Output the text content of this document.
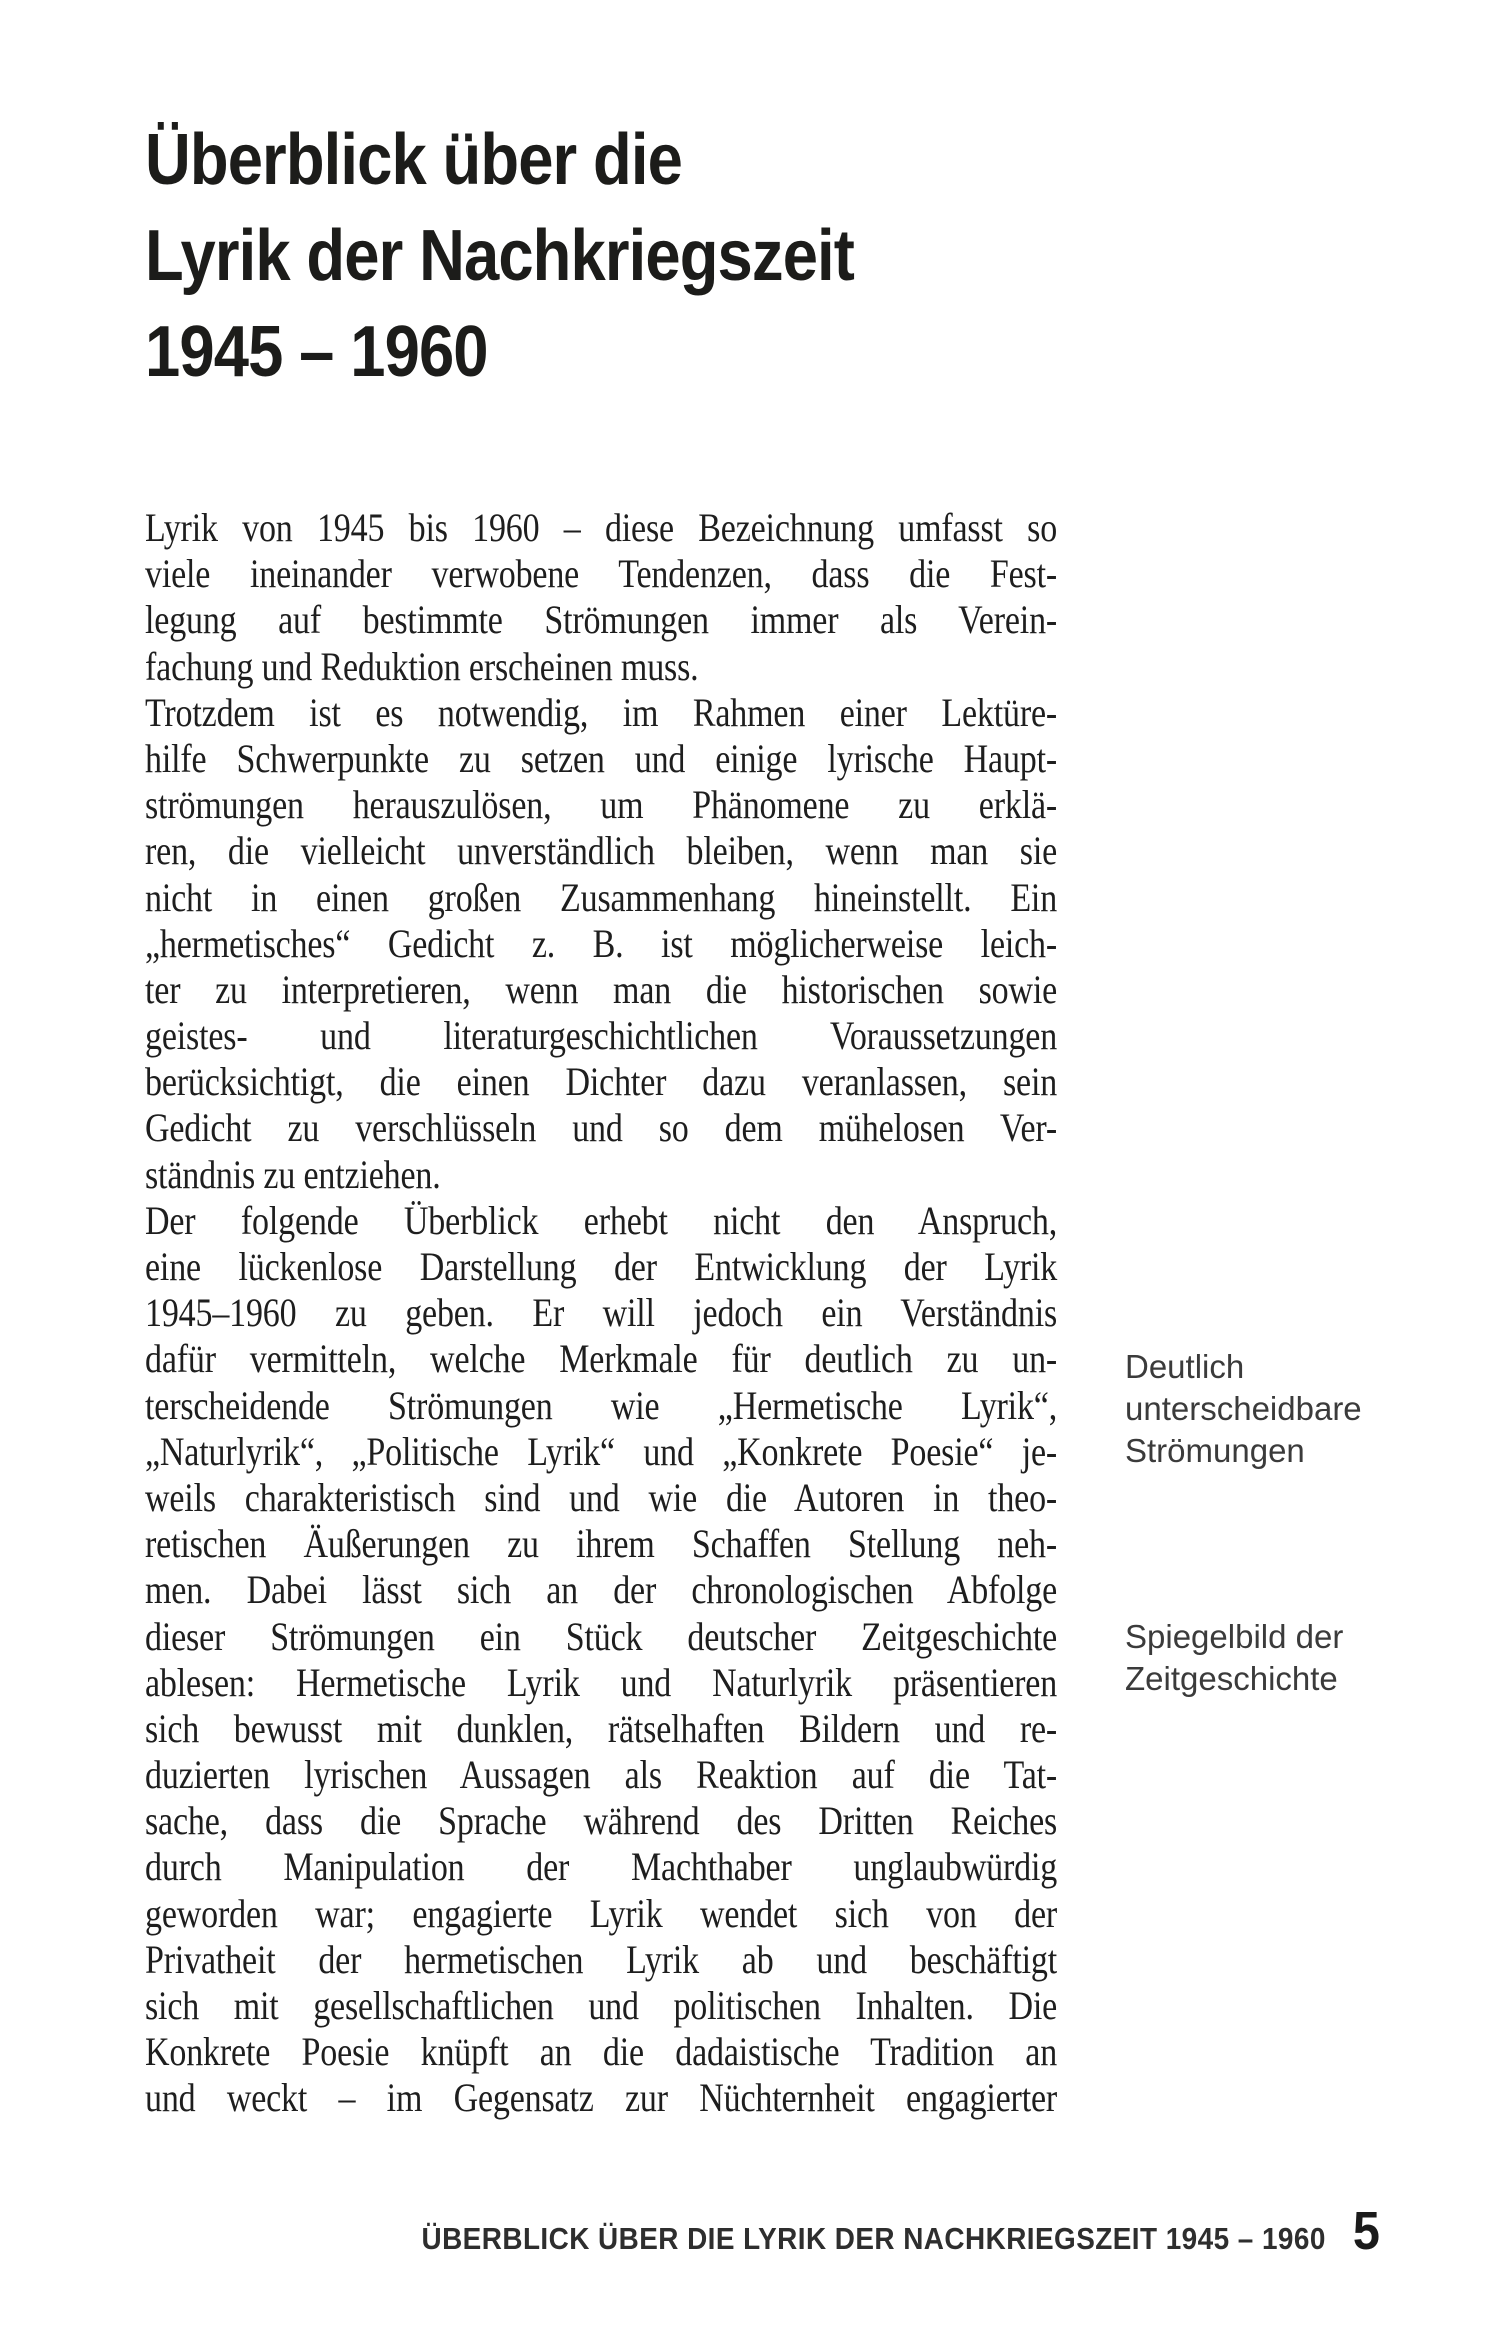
Überblick über die
Lyrik der Nachkriegszeit
1945 – 1960
Lyrik von 1945 bis 1960 – diese Bezeichnung umfasst so
viele ineinander verwobene Tendenzen, dass die Fest-
legung auf bestimmte Strömungen immer als Verein-
fachung und Reduktion erscheinen muss.
Trotzdem ist es notwendig, im Rahmen einer Lektüre-
hilfe Schwerpunkte zu setzen und einige lyrische Haupt-
strömungen herauszulösen, um Phänomene zu erklä-
ren, die vielleicht unverständlich bleiben, wenn man sie
nicht in einen großen Zusammenhang hineinstellt. Ein
„hermetisches“ Gedicht z. B. ist möglicherweise leich-
ter zu interpretieren, wenn man die historischen sowie
geistes- und literaturgeschichtlichen Voraussetzungen
berücksichtigt, die einen Dichter dazu veranlassen, sein
Gedicht zu verschlüsseln und so dem mühelosen Ver-
ständnis zu entziehen.
Der folgende Überblick erhebt nicht den Anspruch,
eine lückenlose Darstellung der Entwicklung der Lyrik
1945–1960 zu geben. Er will jedoch ein Verständnis
dafür vermitteln, welche Merkmale für deutlich zu un-
terscheidende Strömungen wie „Hermetische Lyrik“,
„Naturlyrik“, „Politische Lyrik“ und „Konkrete Poesie“ je-
weils charakteristisch sind und wie die Autoren in theo-
retischen Äußerungen zu ihrem Schaffen Stellung neh-
men. Dabei lässt sich an der chronologischen Abfolge
dieser Strömungen ein Stück deutscher Zeitgeschichte
ablesen: Hermetische Lyrik und Naturlyrik präsentieren
sich bewusst mit dunklen, rätselhaften Bildern und re-
duzierten lyrischen Aussagen als Reaktion auf die Tat-
sache, dass die Sprache während des Dritten Reiches
durch Manipulation der Machthaber unglaubwürdig
geworden war; engagierte Lyrik wendet sich von der
Privatheit der hermetischen Lyrik ab und beschäftigt
sich mit gesellschaftlichen und politischen Inhalten. Die
Konkrete Poesie knüpft an die dadaistische Tradition an
und weckt – im Gegensatz zur Nüchternheit engagierter
Deutlich unterscheidbare Strömungen
Spiegelbild der Zeitgeschichte
ÜBERBLICK ÜBER DIE LYRIK DER NACHKRIEGSZEIT 1945 – 1960 5
